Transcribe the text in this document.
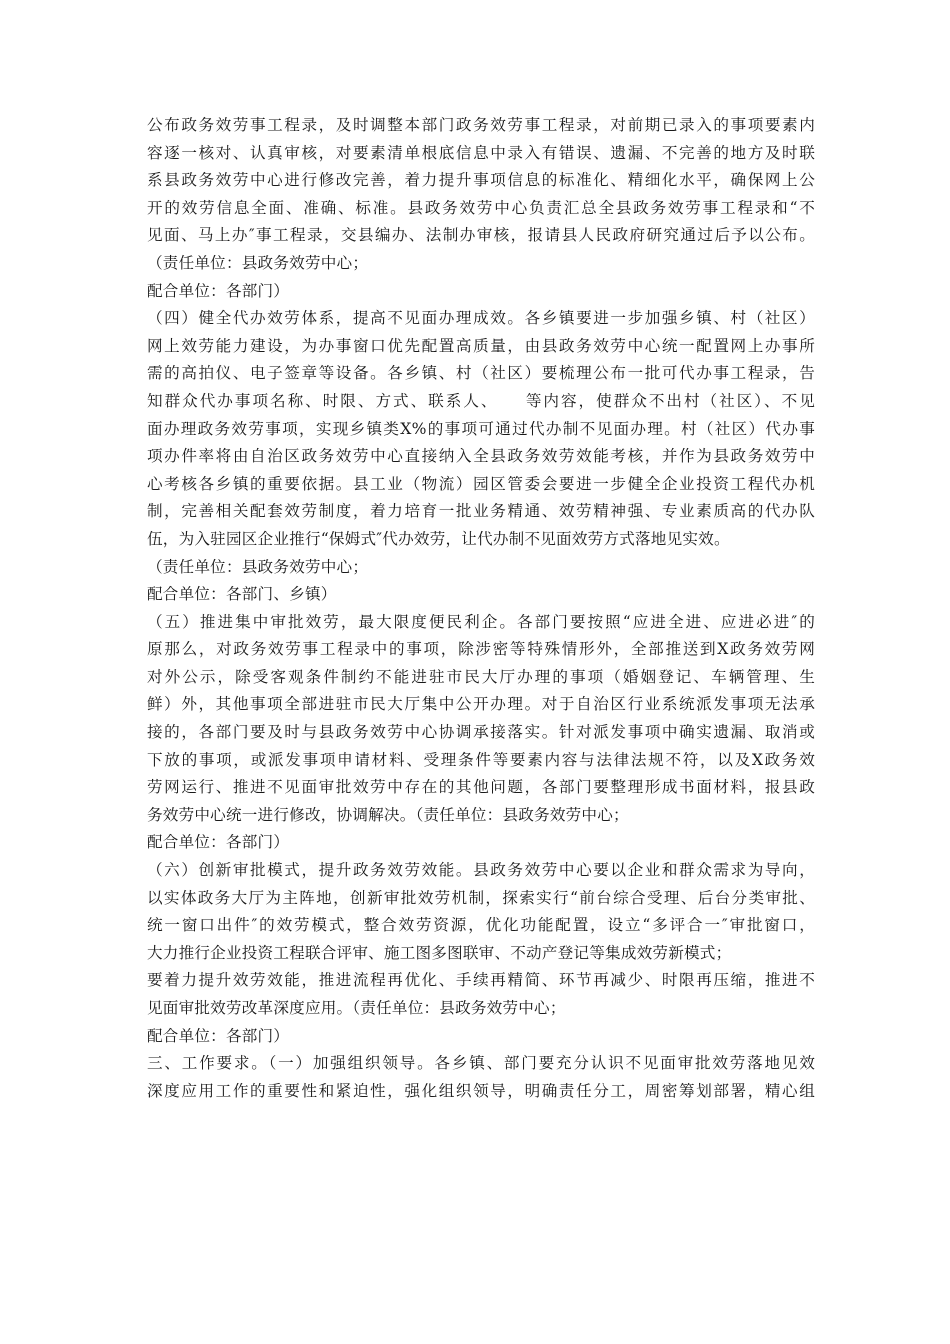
公布政务效劳事工程录，及时调整本部门政务效劳事工程录，对前期已录入的事项要素内
容逐一核对、认真审核，对要素清单根底信息中录入有错误、遗漏、不完善的地方及时联
系县政务效劳中心进行修改完善，着力提升事项信息的标准化、精细化水平，确保网上公
开的效劳信息全面、准确、标准。县政务效劳中心负责汇总全县政务效劳事工程录和“不
见面、马上办″事工程录，交县编办、法制办审核，报请县人民政府研究通过后予以公布。
（责任单位：县政务效劳中心；
配合单位：各部门）
（四）健全代办效劳体系，提高不见面办理成效。各乡镇要进一步加强乡镇、村（社区）
网上效劳能力建设，为办事窗口优先配置高质量，由县政务效劳中心统一配置网上办事所
需的高拍仪、电子签章等设备。各乡镇、村（社区）要梳理公布一批可代办事工程录，告
知群众代办事项名称、时限、方式、联系人、　　等内容，使群众不出村（社区）、不见
面办理政务效劳事项，实现乡镇类X%的事项可通过代办制不见面办理。村（社区）代办事
项办件率将由自治区政务效劳中心直接纳入全县政务效劳效能考核，并作为县政务效劳中
心考核各乡镇的重要依据。县工业（物流）园区管委会要进一步健全企业投资工程代办机
制，完善相关配套效劳制度，着力培育一批业务精通、效劳精神强、专业素质高的代办队
伍，为入驻园区企业推行“保姆式″代办效劳，让代办制不见面效劳方式落地见实效。
（责任单位：县政务效劳中心；
配合单位：各部门、乡镇）
（五）推进集中审批效劳，最大限度便民利企。各部门要按照“应进全进、应进必进″的
原那么，对政务效劳事工程录中的事项，除涉密等特殊情形外，全部推送到X政务效劳网
对外公示，除受客观条件制约不能进驻市民大厅办理的事项（婚姻登记、车辆管理、生
鲜）外，其他事项全部进驻市民大厅集中公开办理。对于自治区行业系统派发事项无法承
接的，各部门要及时与县政务效劳中心协调承接落实。针对派发事项中确实遗漏、取消或
下放的事项，或派发事项申请材料、受理条件等要素内容与法律法规不符，以及X政务效
劳网运行、推进不见面审批效劳中存在的其他问题，各部门要整理形成书面材料，报县政
务效劳中心统一进行修改，协调解决。（责任单位：县政务效劳中心；
配合单位：各部门）
（六）创新审批模式，提升政务效劳效能。县政务效劳中心要以企业和群众需求为导向，
以实体政务大厅为主阵地，创新审批效劳机制，探索实行“前台综合受理、后台分类审批、
统一窗口出件″的效劳模式，整合效劳资源，优化功能配置，设立“多评合一″审批窗口，
大力推行企业投资工程联合评审、施工图多图联审、不动产登记等集成效劳新模式；
要着力提升效劳效能，推进流程再优化、手续再精简、环节再减少、时限再压缩，推进不
见面审批效劳改革深度应用。（责任单位：县政务效劳中心；
配合单位：各部门）
三、工作要求。（一）加强组织领导。各乡镇、部门要充分认识不见面审批效劳落地见效
深度应用工作的重要性和紧迫性，强化组织领导，明确责任分工，周密筹划部署，精心组
